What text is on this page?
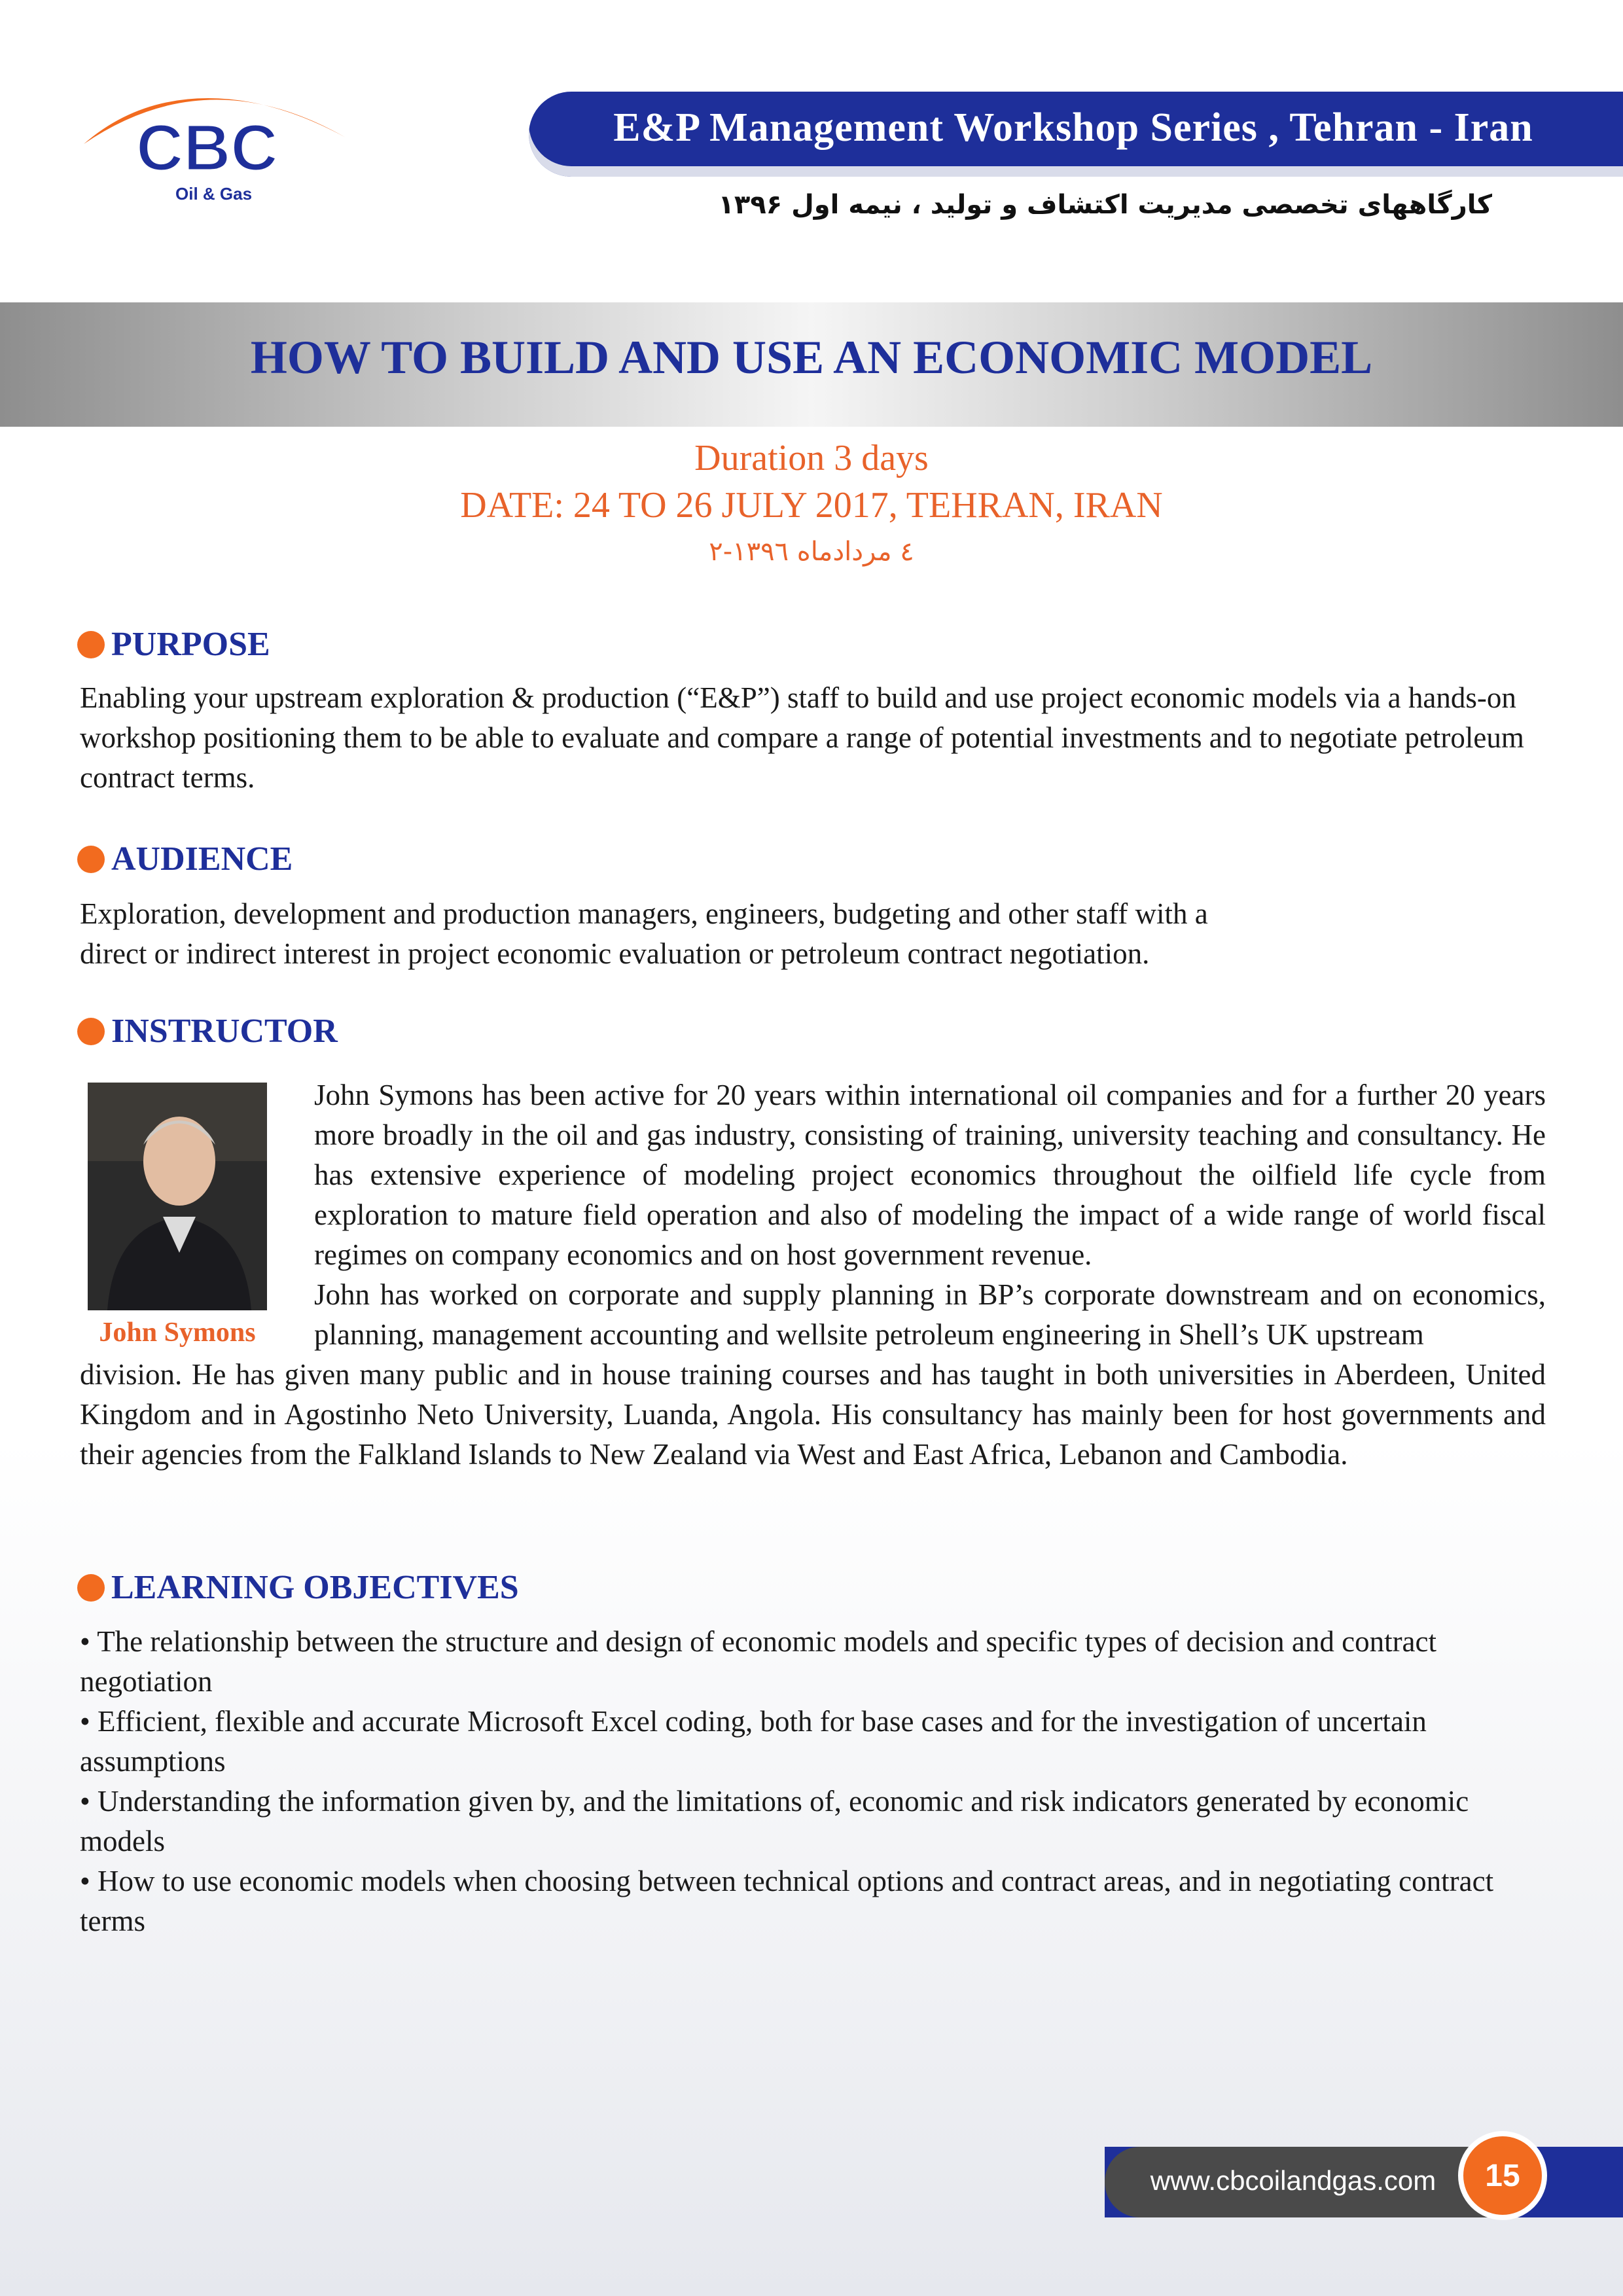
CBC
Oil & Gas
E&P Management Workshop Series , Tehran - Iran
کارگاههای تخصصی مدیریت اکتشاف و تولید ، نیمه اول ۱۳۹۶
HOW TO BUILD AND USE AN ECONOMIC MODEL
Duration 3 days
DATE: 24 TO 26 JULY 2017, TEHRAN, IRAN
۲-٤ مردادماه ۱۳۹٦
PURPOSE
Enabling your upstream exploration & production (“E&P”) staff to build and use project economic models via a hands-on workshop positioning them to be able to evaluate and compare a range of potential investments and to negotiate petroleum contract terms.
AUDIENCE
Exploration, development and production managers, engineers, budgeting and other staff with a
direct or indirect interest in project economic evaluation or petroleum contract negotiation.
INSTRUCTOR
John Symons
John Symons has been active for 20 years within international oil companies and for a further 20 years more broadly in the oil and gas industry, consisting of training, university teaching and consultancy. He has extensive experience of modeling project economics throughout the oilfield life cycle from exploration to mature field operation and also of modeling the impact of a wide range of world fiscal regimes on company economics and on host government revenue.
John has worked on corporate and supply planning in BP’s corporate downstream and on economics, planning, management accounting and wellsite petroleum engineering in Shell’s UK upstream
division. He has given many public and in house training courses and has taught in both universities in Aberdeen, United Kingdom and in Agostinho Neto University, Luanda, Angola. His consultancy has mainly been for host governments and their agencies from the Falkland Islands to New Zealand via West and East Africa, Lebanon and Cambodia.
LEARNING OBJECTIVES
• The relationship between the structure and design of economic models and specific types of decision and contract negotiation
• Efficient, flexible and accurate Microsoft Excel coding, both for base cases and for the investigation of uncertain assumptions
• Understanding the information given by, and the limitations of, economic and risk indicators generated by economic models
• How to use economic models when choosing between technical options and contract areas, and in negotiating contract terms
www.cbcoilandgas.com	15
